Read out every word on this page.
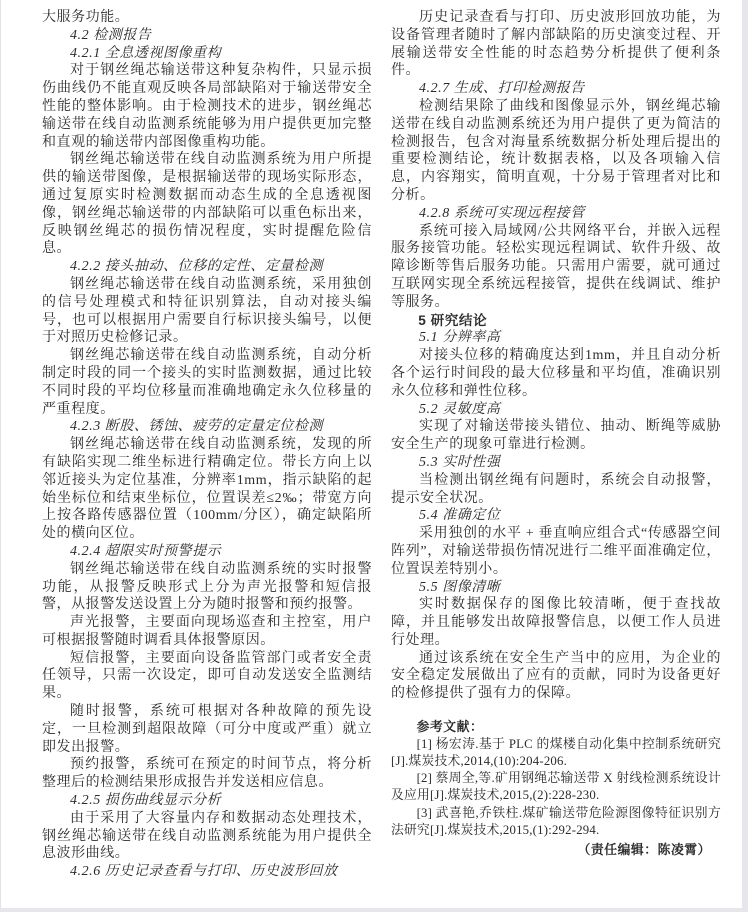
大服务功能。

4.2 检测报告

4.2.1 全息透视图像重构

对于钢丝绳芯输送带这种复杂构件，只显示损伤曲线仍不能直观反映各局部缺陷对于输送带安全性能的整体影响。由于检测技术的进步，钢丝绳芯输送带在线自动监测系统能够为用户提供更加完整和直观的输送带内部图像重构功能。

钢丝绳芯输送带在线自动监测系统为用户所提供的输送带图像，是根据输送带的现场实际形态，通过复原实时检测数据而动态生成的全息透视图像，钢丝绳芯输送带的内部缺陷可以重色标出来，反映钢丝绳芯的损伤情况程度，实时提醒危险信息。

4.2.2 接头抽动、位移的定性、定量检测

钢丝绳芯输送带在线自动监测系统，采用独创的信号处理模式和特征识别算法，自动对接头编号，也可以根据用户需要自行标识接头编号，以便于对照历史检修记录。

钢丝绳芯输送带在线自动监测系统，自动分析制定时段的同一个接头的实时监测数据，通过比较不同时段的平均位移量而准确地确定永久位移量的严重程度。

4.2.3 断股、锈蚀、疲劳的定量定位检测

钢丝绳芯输送带在线自动监测系统，发现的所有缺陷实现二维坐标进行精确定位。带长方向上以邻近接头为定位基准，分辨率1mm，指示缺陷的起始坐标位和结束坐标位，位置误差≤2‰；带宽方向上按各路传感器位置（100mm/分区），确定缺陷所处的横向区位。

4.2.4 超限实时预警提示

钢丝绳芯输送带在线自动监测系统的实时报警功能，从报警反映形式上分为声光报警和短信报警，从报警发送设置上分为随时报警和预约报警。

声光报警，主要面向现场巡查和主控室，用户可根据报警随时调看具体报警原因。

短信报警，主要面向设备监管部门或者安全责任领导，只需一次设定，即可自动发送安全监测结果。

随时报警，系统可根据对各种故障的预先设定，一旦检测到超限故障（可分中度或严重）就立即发出报警。

预约报警，系统可在预定的时间节点，将分析整理后的检测结果形成报告并发送相应信息。

4.2.5 损伤曲线显示分析

由于采用了大容量内存和数据动态处理技术，钢丝绳芯输送带在线自动监测系统能为用户提供全息波形曲线。

4.2.6 历史记录查看与打印、历史波形回放

历史记录查看与打印、历史波形回放功能，为设备管理者随时了解内部缺陷的历史演变过程、开展输送带安全性能的时态趋势分析提供了便利条件。

4.2.7 生成、打印检测报告

检测结果除了曲线和图像显示外，钢丝绳芯输送带在线自动监测系统还为用户提供了更为简洁的检测报告，包含对海量系统数据分析处理后提出的重要检测结论，统计数据表格，以及各项输入信息，内容翔实，简明直观，十分易于管理者对比和分析。

4.2.8 系统可实现远程接管

系统可接入局域网/公共网络平台，并嵌入远程服务接管功能。轻松实现远程调试、软件升级、故障诊断等售后服务功能。只需用户需要，就可通过互联网实现全系统远程接管，提供在线调试、维护等服务。

5 研究结论

5.1 分辨率高

对接头位移的精确度达到1mm，并且自动分析各个运行时间段的最大位移量和平均值，准确识别永久位移和弹性位移。

5.2 灵敏度高

实现了对输送带接头错位、抽动、断绳等威胁安全生产的现象可靠进行检测。

5.3 实时性强

当检测出钢丝绳有问题时，系统会自动报警，提示安全状况。

5.4 准确定位

采用独创的水平 + 垂直响应组合式“传感器空间阵列”，对输送带损伤情况进行二维平面准确定位，位置误差特别小。

5.5 图像清晰

实时数据保存的图像比较清晰，便于查找故障，并且能够发出故障报警信息，以便工作人员进行处理。

通过该系统在安全生产当中的应用，为企业的安全稳定发展做出了应有的贡献，同时为设备更好的检修提供了强有力的保障。

参考文献：

[1] 杨宏涛.基于 PLC 的煤楼自动化集中控制系统研究[J].煤炭技术,2014,(10):204-206.

[2] 蔡周全,等.矿用钢绳芯输送带 X 射线检测系统设计及应用[J].煤炭技术,2015,(2):228-230.

[3] 武喜艳,乔铁柱.煤矿输送带危险源图像特征识别方法研究[J].煤炭技术,2015,(1):292-294.

（责任编辑：陈凌霄）
